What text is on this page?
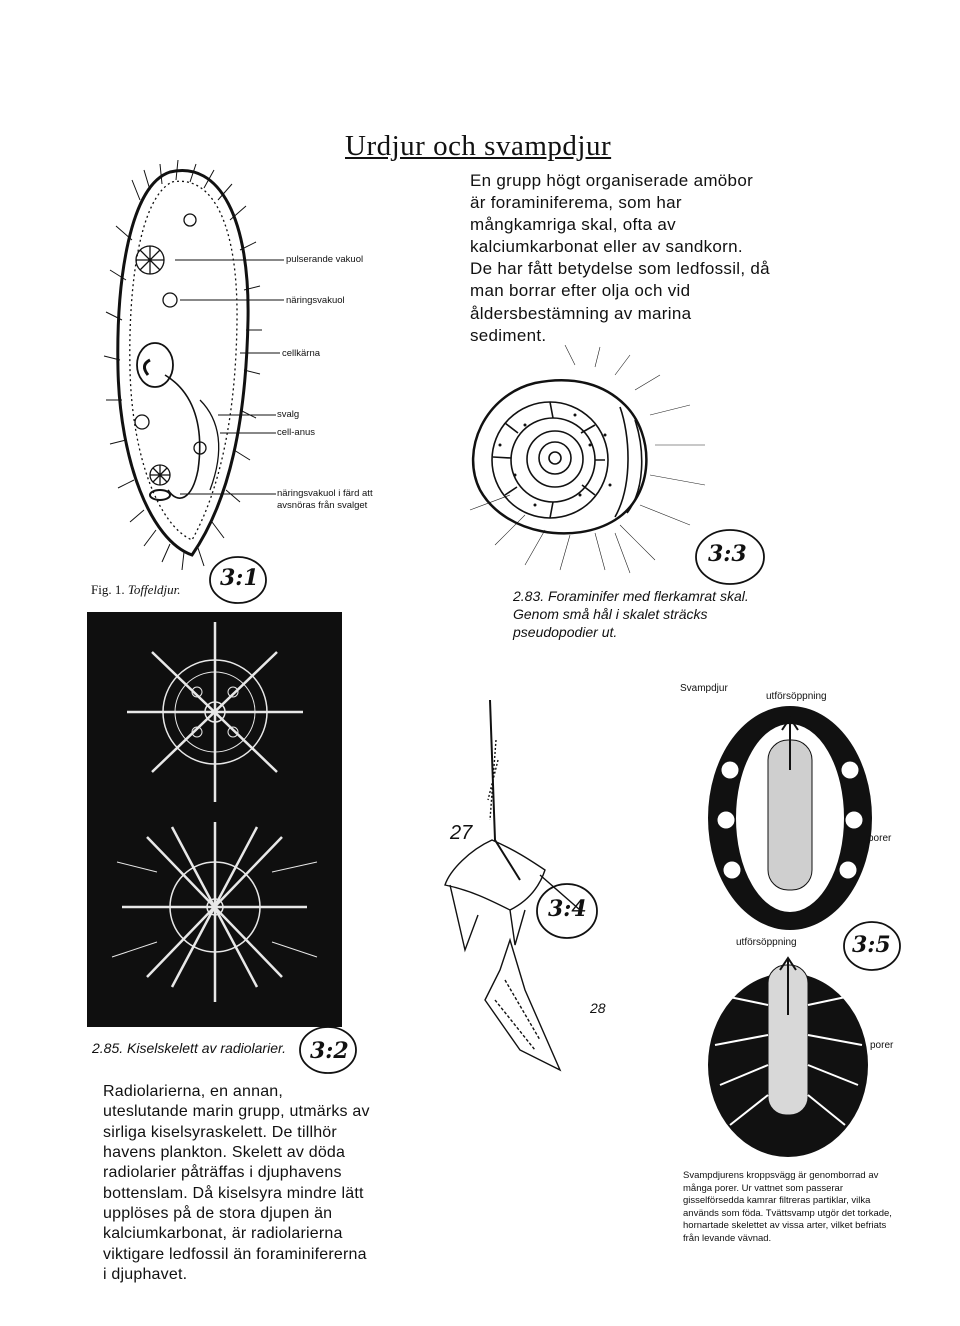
Urdjur och svampdjur

En grupp högt organiserade amöbor är foraminiferema, som har mångkamriga skal, ofta av kalciumkarbonat eller av sandkorn. De har fått betydelse som ledfossil, då man borrar efter olja och vid åldersbestämning av marina sediment.

pulserande vakuol
näringsvakuol
cellkärna
svalg
cell-anus
näringsvakuol i färd att
avsnöras från svalget
Fig. 1. Toffeldjur. 3:1
3:3
2.83. Foraminifer med flerkamrat skal. Genom små hål i skalet sträcks pseudopodier ut.
2.85. Kiselskelett av radiolarier. 3:2

Radiolarierna, en annan, uteslutande marin grupp, utmärks av sirliga kiselsyraskelett. De tillhör havens plankton. Skelett av döda radiolarier påträffas i djuphavens bottenslam. Då kiselsyra mindre lätt upplöses på de stora djupen än kalciumkarbonat, är radiolarierna viktigare ledfossil än foraminifererna i djuphavet.

27
28
3:4
Svampdjur
utförsöppning
porer
utförsöppning	3:5
porer

Svampdjurens kroppsvägg är genomborrad av många porer. Ur vattnet som passerar gisselförsedda kamrar filtreras partiklar, vilka används som föda. Tvättsvamp utgör det torkade, hornartade skelettet av vissa arter, vilket befriats från levande vävnad.
